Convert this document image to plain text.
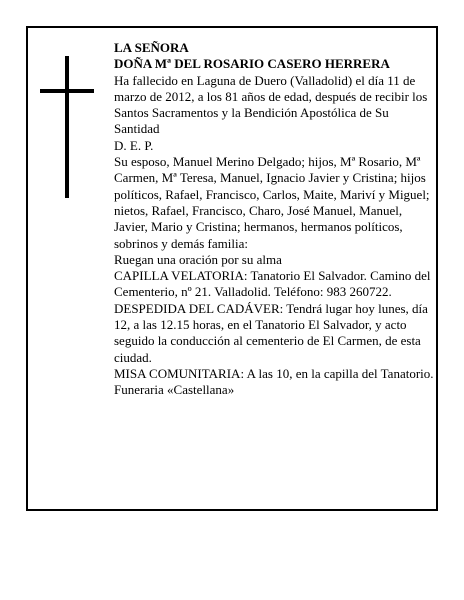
LA SEÑORA

DOÑA Mª DEL ROSARIO CASERO HERRERA

Ha fallecido en Laguna de Duero (Valladolid) el día 11 de marzo de 2012, a los 81 años de edad, después de recibir los Santos Sacramentos y la Bendición Apostólica de Su Santidad

D. E. P.

Su esposo, Manuel Merino Delgado; hijos, Mª Rosario, Mª Carmen, Mª Teresa, Manuel, Ignacio Javier y Cristina; hijos políticos, Rafael, Francisco, Carlos, Maite, Mariví y Miguel; nietos, Rafael, Francisco, Charo, José Manuel, Manuel, Javier, Mario y Cristina; hermanos, hermanos políticos, sobrinos y demás familia:

Ruegan una oración por su alma

CAPILLA VELATORIA: Tanatorio El Salvador. Camino del Cementerio, nº 21. Valladolid. Teléfono: 983 260722.

DESPEDIDA DEL CADÁVER: Tendrá lugar hoy lunes, día 12, a las 12.15 horas, en el Tanatorio El Salvador, y acto seguido la conducción al cementerio de El Carmen, de esta ciudad.

MISA COMUNITARIA: A las 10, en la capilla del Tanatorio.

Funeraria «Castellana»
